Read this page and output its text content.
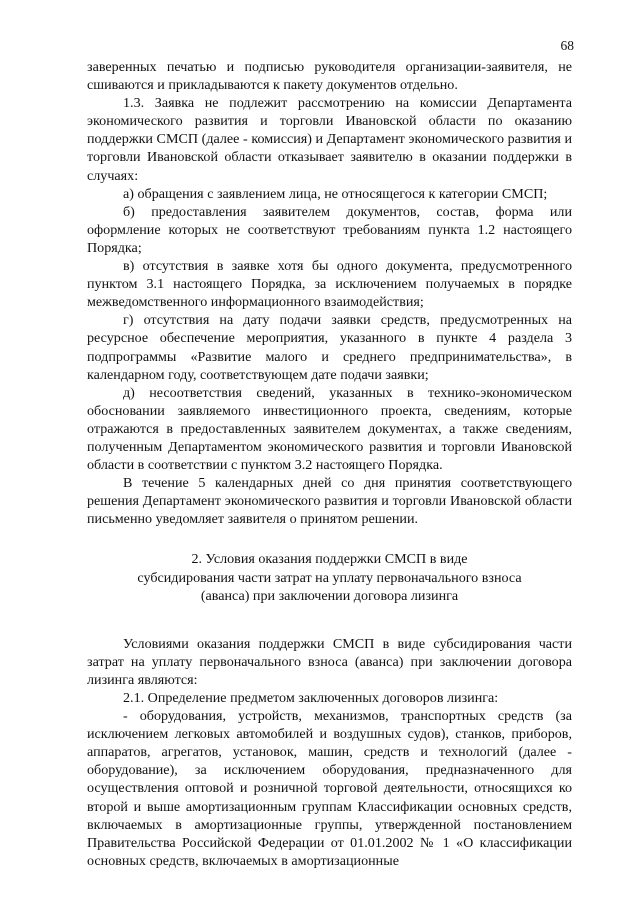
68

заверенных печатью и подписью руководителя организации-заявителя, не сшиваются и прикладываются к пакету документов отдельно.

1.3. Заявка не подлежит рассмотрению на комиссии Департамента экономического развития и торговли Ивановской области по оказанию поддержки СМСП (далее - комиссия) и Департамент экономического развития и торговли Ивановской области отказывает заявителю в оказании поддержки в случаях:

а) обращения с заявлением лица, не относящегося к категории СМСП;

б) предоставления заявителем документов, состав, форма или оформление которых не соответствуют требованиям пункта 1.2 настоящего Порядка;

в) отсутствия в заявке хотя бы одного документа, предусмотренного пунктом 3.1 настоящего Порядка, за исключением получаемых в порядке межведомственного информационного взаимодействия;

г) отсутствия на дату подачи заявки средств, предусмотренных на ресурсное обеспечение мероприятия, указанного в пункте 4 раздела 3 подпрограммы «Развитие малого и среднего предпринимательства», в календарном году, соответствующем дате подачи заявки;

д) несоответствия сведений, указанных в технико-экономическом обосновании заявляемого инвестиционного проекта, сведениям, которые отражаются в предоставленных заявителем документах, а также сведениям, полученным Департаментом экономического развития и торговли Ивановской области в соответствии с пунктом 3.2 настоящего Порядка.

В течение 5 календарных дней со дня принятия соответствующего решения Департамент экономического развития и торговли Ивановской области письменно уведомляет заявителя о принятом решении.

2. Условия оказания поддержки СМСП в виде
субсидирования части затрат на уплату первоначального взноса
(аванса) при заключении договора лизинга

Условиями оказания поддержки СМСП в виде субсидирования части затрат на уплату первоначального взноса (аванса) при заключении договора лизинга являются:

2.1. Определение предметом заключенных договоров лизинга:

- оборудования, устройств, механизмов, транспортных средств (за исключением легковых автомобилей и воздушных судов), станков, приборов, аппаратов, агрегатов, установок, машин, средств и технологий (далее - оборудование), за исключением оборудования, предназначенного для осуществления оптовой и розничной торговой деятельности, относящихся ко второй и выше амортизационным группам Классификации основных средств, включаемых в амортизационные группы, утвержденной постановлением Правительства Российской Федерации от 01.01.2002 № 1 «О классификации основных средств, включаемых в амортизационные
